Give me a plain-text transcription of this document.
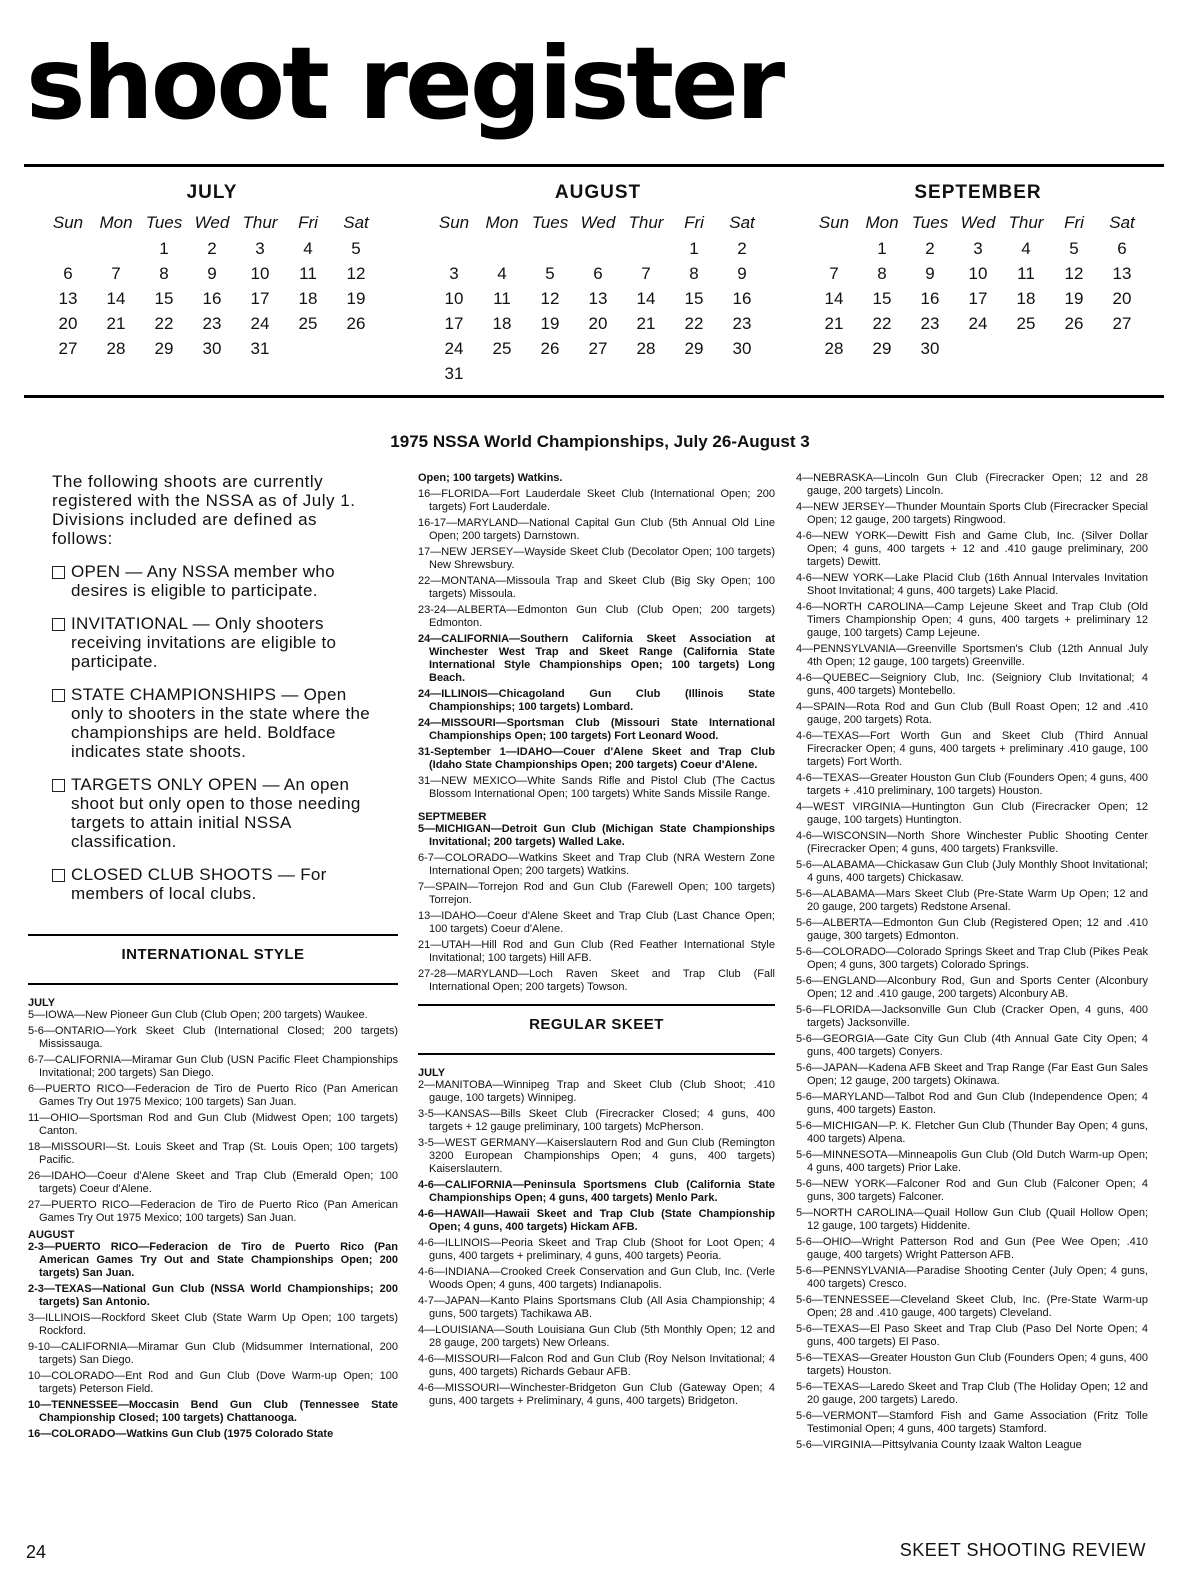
shoot register
JULY
Sun	Mon	Tues	Wed	Thur	Fri	Sat
		1	2	3	4	5
6	7	8	9	10	11	12
13	14	15	16	17	18	19
20	21	22	23	24	25	26
27	28	29	30	31		
AUGUST
Sun	Mon	Tues	Wed	Thur	Fri	Sat
					1	2
3	4	5	6	7	8	9
10	11	12	13	14	15	16
17	18	19	20	21	22	23
24	25	26	27	28	29	30
31						
SEPTEMBER
Sun	Mon	Tues	Wed	Thur	Fri	Sat
	1	2	3	4	5	6
7	8	9	10	11	12	13
14	15	16	17	18	19	20
21	22	23	24	25	26	27
28	29	30				
1975 NSSA World Championships, July 26-August 3

The following shoots are currently registered with the NSSA as of July 1. Divisions included are defined as follows:

OPEN — Any NSSA member who desires is eligible to participate.
INVITATIONAL — Only shooters receiving invitations are eligible to participate.
STATE CHAMPIONSHIPS — Open only to shooters in the state where the championships are held. Boldface indicates state shoots.
TARGETS ONLY OPEN — An open shoot but only open to those needing targets to attain initial NSSA classification.
CLOSED CLUB SHOOTS — For members of local clubs.
INTERNATIONAL STYLE
JULY

5—IOWA—New Pioneer Gun Club (Club Open; 200 targets) Waukee.

5-6—ONTARIO—York Skeet Club (International Closed; 200 targets) Mississauga.

6-7—CALIFORNIA—Miramar Gun Club (USN Pacific Fleet Championships Invitational; 200 targets) San Diego.

6—PUERTO RICO—Federacion de Tiro de Puerto Rico (Pan American Games Try Out 1975 Mexico; 100 targets) San Juan.

11—OHIO—Sportsman Rod and Gun Club (Midwest Open; 100 targets) Canton.

18—MISSOURI—St. Louis Skeet and Trap (St. Louis Open; 100 targets) Pacific.

26—IDAHO—Coeur d'Alene Skeet and Trap Club (Emerald Open; 100 targets) Coeur d'Alene.

27—PUERTO RICO—Federacion de Tiro de Puerto Rico (Pan American Games Try Out 1975 Mexico; 100 targets) San Juan.

AUGUST

2-3—PUERTO RICO—Federacion de Tiro de Puerto Rico (Pan American Games Try Out and State Championships Open; 200 targets) San Juan.

2-3—TEXAS—National Gun Club (NSSA World Championships; 200 targets) San Antonio.

3—ILLINOIS—Rockford Skeet Club (State Warm Up Open; 100 targets) Rockford.

9-10—CALIFORNIA—Miramar Gun Club (Midsummer International, 200 targets) San Diego.

10—COLORADO—Ent Rod and Gun Club (Dove Warm-up Open; 100 targets) Peterson Field.

10—TENNESSEE—Moccasin Bend Gun Club (Tennessee State Championship Closed; 100 targets) Chattanooga.

16—COLORADO—Watkins Gun Club (1975 Colorado State

Open; 100 targets) Watkins.

16—FLORIDA—Fort Lauderdale Skeet Club (International Open; 200 targets) Fort Lauderdale.

16-17—MARYLAND—National Capital Gun Club (5th Annual Old Line Open; 200 targets) Darnstown.

17—NEW JERSEY—Wayside Skeet Club (Decolator Open; 100 targets) New Shrewsbury.

22—MONTANA—Missoula Trap and Skeet Club (Big Sky Open; 100 targets) Missoula.

23-24—ALBERTA—Edmonton Gun Club (Club Open; 200 targets) Edmonton.

24—CALIFORNIA—Southern California Skeet Association at Winchester West Trap and Skeet Range (California State International Style Championships Open; 100 targets) Long Beach.

24—ILLINOIS—Chicagoland Gun Club (Illinois State Championships; 100 targets) Lombard.

24—MISSOURI—Sportsman Club (Missouri State International Championships Open; 100 targets) Fort Leonard Wood.

31-September 1—IDAHO—Couer d'Alene Skeet and Trap Club (Idaho State Championships Open; 200 targets) Coeur d'Alene.

31—NEW MEXICO—White Sands Rifle and Pistol Club (The Cactus Blossom International Open; 100 targets) White Sands Missile Range.

SEPTMEBER

5—MICHIGAN—Detroit Gun Club (Michigan State Championships Invitational; 200 targets) Walled Lake.

6-7—COLORADO—Watkins Skeet and Trap Club (NRA Western Zone International Open; 200 targets) Watkins.

7—SPAIN—Torrejon Rod and Gun Club (Farewell Open; 100 targets) Torrejon.

13—IDAHO—Coeur d'Alene Skeet and Trap Club (Last Chance Open; 100 targets) Coeur d'Alene.

21—UTAH—Hill Rod and Gun Club (Red Feather International Style Invitational; 100 targets) Hill AFB.

27-28—MARYLAND—Loch Raven Skeet and Trap Club (Fall International Open; 200 targets) Towson.

REGULAR SKEET
JULY

2—MANITOBA—Winnipeg Trap and Skeet Club (Club Shoot; .410 gauge, 100 targets) Winnipeg.

3-5—KANSAS—Bills Skeet Club (Firecracker Closed; 4 guns, 400 targets + 12 gauge preliminary, 100 targets) McPherson.

3-5—WEST GERMANY—Kaiserslautern Rod and Gun Club (Remington 3200 European Championships Open; 4 guns, 400 targets) Kaiserslautern.

4-6—CALIFORNIA—Peninsula Sportsmens Club (California State Championships Open; 4 guns, 400 targets) Menlo Park.

4-6—HAWAII—Hawaii Skeet and Trap Club (State Championship Open; 4 guns, 400 targets) Hickam AFB.

4-6—ILLINOIS—Peoria Skeet and Trap Club (Shoot for Loot Open; 4 guns, 400 targets + preliminary, 4 guns, 400 targets) Peoria.

4-6—INDIANA—Crooked Creek Conservation and Gun Club, Inc. (Verle Woods Open; 4 guns, 400 targets) Indianapolis.

4-7—JAPAN—Kanto Plains Sportsmans Club (All Asia Championship; 4 guns, 500 targets) Tachikawa AB.

4—LOUISIANA—South Louisiana Gun Club (5th Monthly Open; 12 and 28 gauge, 200 targets) New Orleans.

4-6—MISSOURI—Falcon Rod and Gun Club (Roy Nelson Invitational; 4 guns, 400 targets) Richards Gebaur AFB.

4-6—MISSOURI—Winchester-Bridgeton Gun Club (Gateway Open; 4 guns, 400 targets + Preliminary, 4 guns, 400 targets) Bridgeton.

4—NEBRASKA—Lincoln Gun Club (Firecracker Open; 12 and 28 gauge, 200 targets) Lincoln.

4—NEW JERSEY—Thunder Mountain Sports Club (Firecracker Special Open; 12 gauge, 200 targets) Ringwood.

4-6—NEW YORK—Dewitt Fish and Game Club, Inc. (Silver Dollar Open; 4 guns, 400 targets + 12 and .410 gauge preliminary, 200 targets) Dewitt.

4-6—NEW YORK—Lake Placid Club (16th Annual Intervales Invitation Shoot Invitational; 4 guns, 400 targets) Lake Placid.

4-6—NORTH CAROLINA—Camp Lejeune Skeet and Trap Club (Old Timers Championship Open; 4 guns, 400 targets + preliminary 12 gauge, 100 targets) Camp Lejeune.

4—PENNSYLVANIA—Greenville Sportsmen's Club (12th Annual July 4th Open; 12 gauge, 100 targets) Greenville.

4-6—QUEBEC—Seigniory Club, Inc. (Seigniory Club Invitational; 4 guns, 400 targets) Montebello.

4—SPAIN—Rota Rod and Gun Club (Bull Roast Open; 12 and .410 gauge, 200 targets) Rota.

4-6—TEXAS—Fort Worth Gun and Skeet Club (Third Annual Firecracker Open; 4 guns, 400 targets + preliminary .410 gauge, 100 targets) Fort Worth.

4-6—TEXAS—Greater Houston Gun Club (Founders Open; 4 guns, 400 targets + .410 preliminary, 100 targets) Houston.

4—WEST VIRGINIA—Huntington Gun Club (Firecracker Open; 12 gauge, 100 targets) Huntington.

4-6—WISCONSIN—North Shore Winchester Public Shooting Center (Firecracker Open; 4 guns, 400 targets) Franksville.

5-6—ALABAMA—Chickasaw Gun Club (July Monthly Shoot Invitational; 4 guns, 400 targets) Chickasaw.

5-6—ALABAMA—Mars Skeet Club (Pre-State Warm Up Open; 12 and 20 gauge, 200 targets) Redstone Arsenal.

5-6—ALBERTA—Edmonton Gun Club (Registered Open; 12 and .410 gauge, 300 targets) Edmonton.

5-6—COLORADO—Colorado Springs Skeet and Trap Club (Pikes Peak Open; 4 guns, 300 targets) Colorado Springs.

5-6—ENGLAND—Alconbury Rod, Gun and Sports Center (Alconbury Open; 12 and .410 gauge, 200 targets) Alconbury AB.

5-6—FLORIDA—Jacksonville Gun Club (Cracker Open, 4 guns, 400 targets) Jacksonville.

5-6—GEORGIA—Gate City Gun Club (4th Annual Gate City Open; 4 guns, 400 targets) Conyers.

5-6—JAPAN—Kadena AFB Skeet and Trap Range (Far East Gun Sales Open; 12 gauge, 200 targets) Okinawa.

5-6—MARYLAND—Talbot Rod and Gun Club (Independence Open; 4 guns, 400 targets) Easton.

5-6—MICHIGAN—P. K. Fletcher Gun Club (Thunder Bay Open; 4 guns, 400 targets) Alpena.

5-6—MINNESOTA—Minneapolis Gun Club (Old Dutch Warm-up Open; 4 guns, 400 targets) Prior Lake.

5-6—NEW YORK—Falconer Rod and Gun Club (Falconer Open; 4 guns, 300 targets) Falconer.

5—NORTH CAROLINA—Quail Hollow Gun Club (Quail Hollow Open; 12 gauge, 100 targets) Hiddenite.

5-6—OHIO—Wright Patterson Rod and Gun (Pee Wee Open; .410 gauge, 400 targets) Wright Patterson AFB.

5-6—PENNSYLVANIA—Paradise Shooting Center (July Open; 4 guns, 400 targets) Cresco.

5-6—TENNESSEE—Cleveland Skeet Club, Inc. (Pre-State Warm-up Open; 28 and .410 gauge, 400 targets) Cleveland.

5-6—TEXAS—El Paso Skeet and Trap Club (Paso Del Norte Open; 4 guns, 400 targets) El Paso.

5-6—TEXAS—Greater Houston Gun Club (Founders Open; 4 guns, 400 targets) Houston.

5-6—TEXAS—Laredo Skeet and Trap Club (The Holiday Open; 12 and 20 gauge, 200 targets) Laredo.

5-6—VERMONT—Stamford Fish and Game Association (Fritz Tolle Testimonial Open; 4 guns, 400 targets) Stamford.

5-6—VIRGINIA—Pittsylvania County Izaak Walton League

24	SKEET SHOOTING REVIEW
